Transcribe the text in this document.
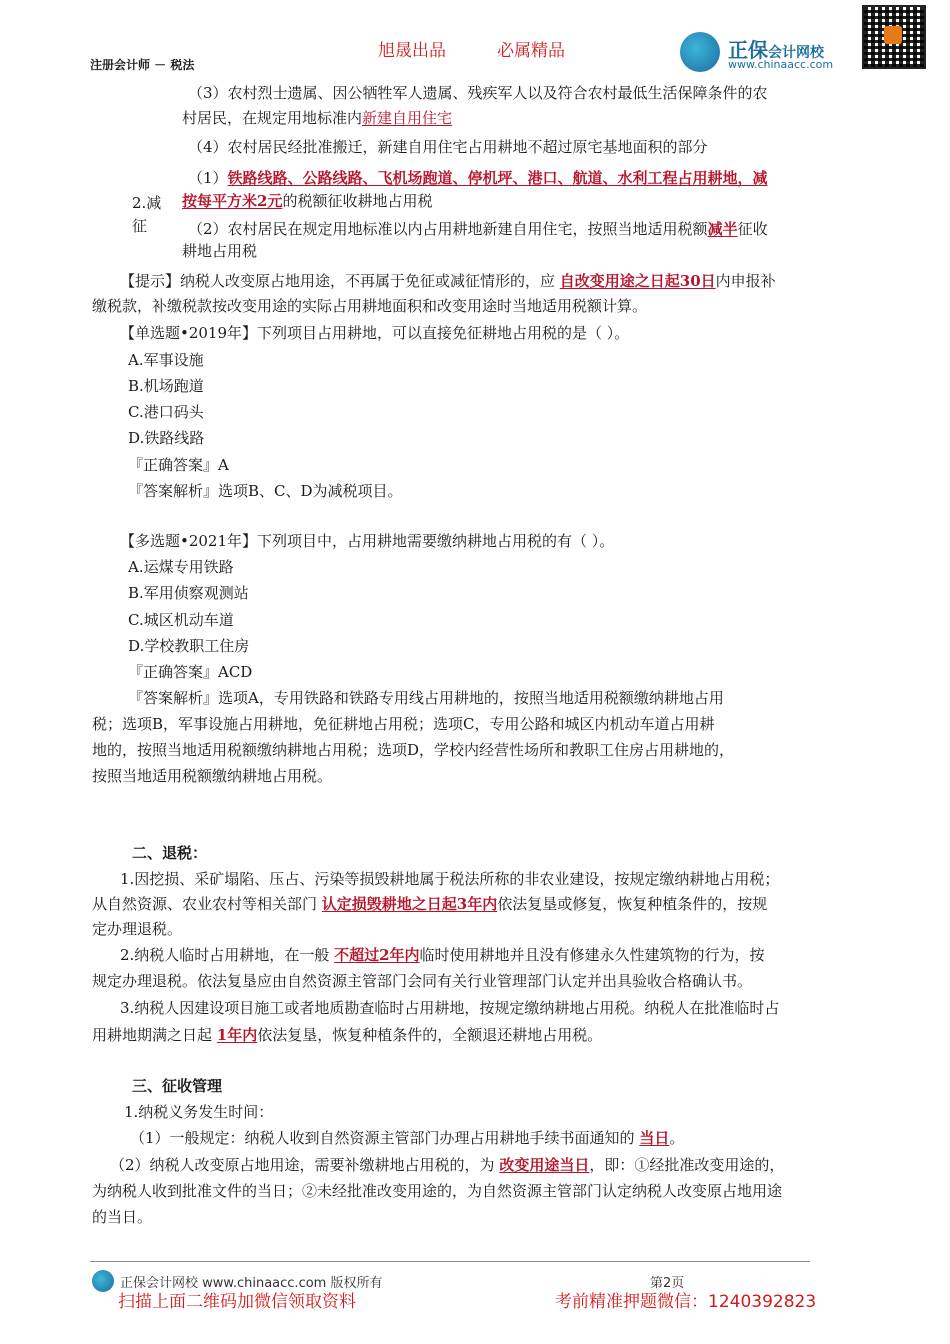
旭晟出品	必属精品
注册会计师 － 税法
正保会计网校
www.chinaacc.com
（3）农村烈士遗属、因公牺牲军人遗属、残疾军人以及符合农村最低生活保障条件的农
村居民，在规定用地标准内新建自用住宅
（4）农村居民经批准搬迁，新建自用住宅占用耕地不超过原宅基地面积的部分
2.减
征
（1）铁路线路、公路线路、飞机场跑道、停机坪、港口、航道、水利工程占用耕地，减
按每平方米2元的税额征收耕地占用税
（2）农村居民在规定用地标准以内占用耕地新建自用住宅，按照当地适用税额减半征收
耕地占用税
【提示】纳税人改变原占地用途，不再属于免征或减征情形的，应 自改变用途之日起30日内申报补
缴税款，补缴税款按改变用途的实际占用耕地面积和改变用途时当地适用税额计算。
【单选题•2019年】下列项目占用耕地，可以直接免征耕地占用税的是（ ）。
A.军事设施
B.机场跑道
C.港口码头
D.铁路线路
『正确答案』A
『答案解析』选项B、C、D为减税项目。
【多选题•2021年】下列项目中，占用耕地需要缴纳耕地占用税的有（ ）。
A.运煤专用铁路
B.军用侦察观测站
C.城区机动车道
D.学校教职工住房
『正确答案』ACD
『答案解析』选项A，专用铁路和铁路专用线占用耕地的，按照当地适用税额缴纳耕地占用
税；选项B，军事设施占用耕地，免征耕地占用税；选项C，专用公路和城区内机动车道占用耕
地的，按照当地适用税额缴纳耕地占用税；选项D，学校内经营性场所和教职工住房占用耕地的，
按照当地适用税额缴纳耕地占用税。
二、退税：
1.因挖损、采矿塌陷、压占、污染等损毁耕地属于税法所称的非农业建设，按规定缴纳耕地占用税；
从自然资源、农业农村等相关部门 认定损毁耕地之日起3年内依法复垦或修复，恢复种植条件的，按规
定办理退税。
2.纳税人临时占用耕地，在一般 不超过2年内临时使用耕地并且没有修建永久性建筑物的行为，按
规定办理退税。依法复垦应由自然资源主管部门会同有关行业管理部门认定并出具验收合格确认书。
3.纳税人因建设项目施工或者地质勘查临时占用耕地，按规定缴纳耕地占用税。纳税人在批准临时占
用耕地期满之日起 1年内依法复垦，恢复种植条件的，全额退还耕地占用税。
三、征收管理
1.纳税义务发生时间：
（1）一般规定：纳税人收到自然资源主管部门办理占用耕地手续书面通知的 当日。
（2）纳税人改变原占地用途，需要补缴耕地占用税的，为 改变用途当日，即：①经批准改变用途的，
为纳税人收到批准文件的当日；②未经批准改变用途的，为自然资源主管部门认定纳税人改变原占地用途
的当日。
正保会计网校 www.chinaacc.com 版权所有	第2页
扫描上面二维码加微信领取资料	考前精准押题微信：1240392823
